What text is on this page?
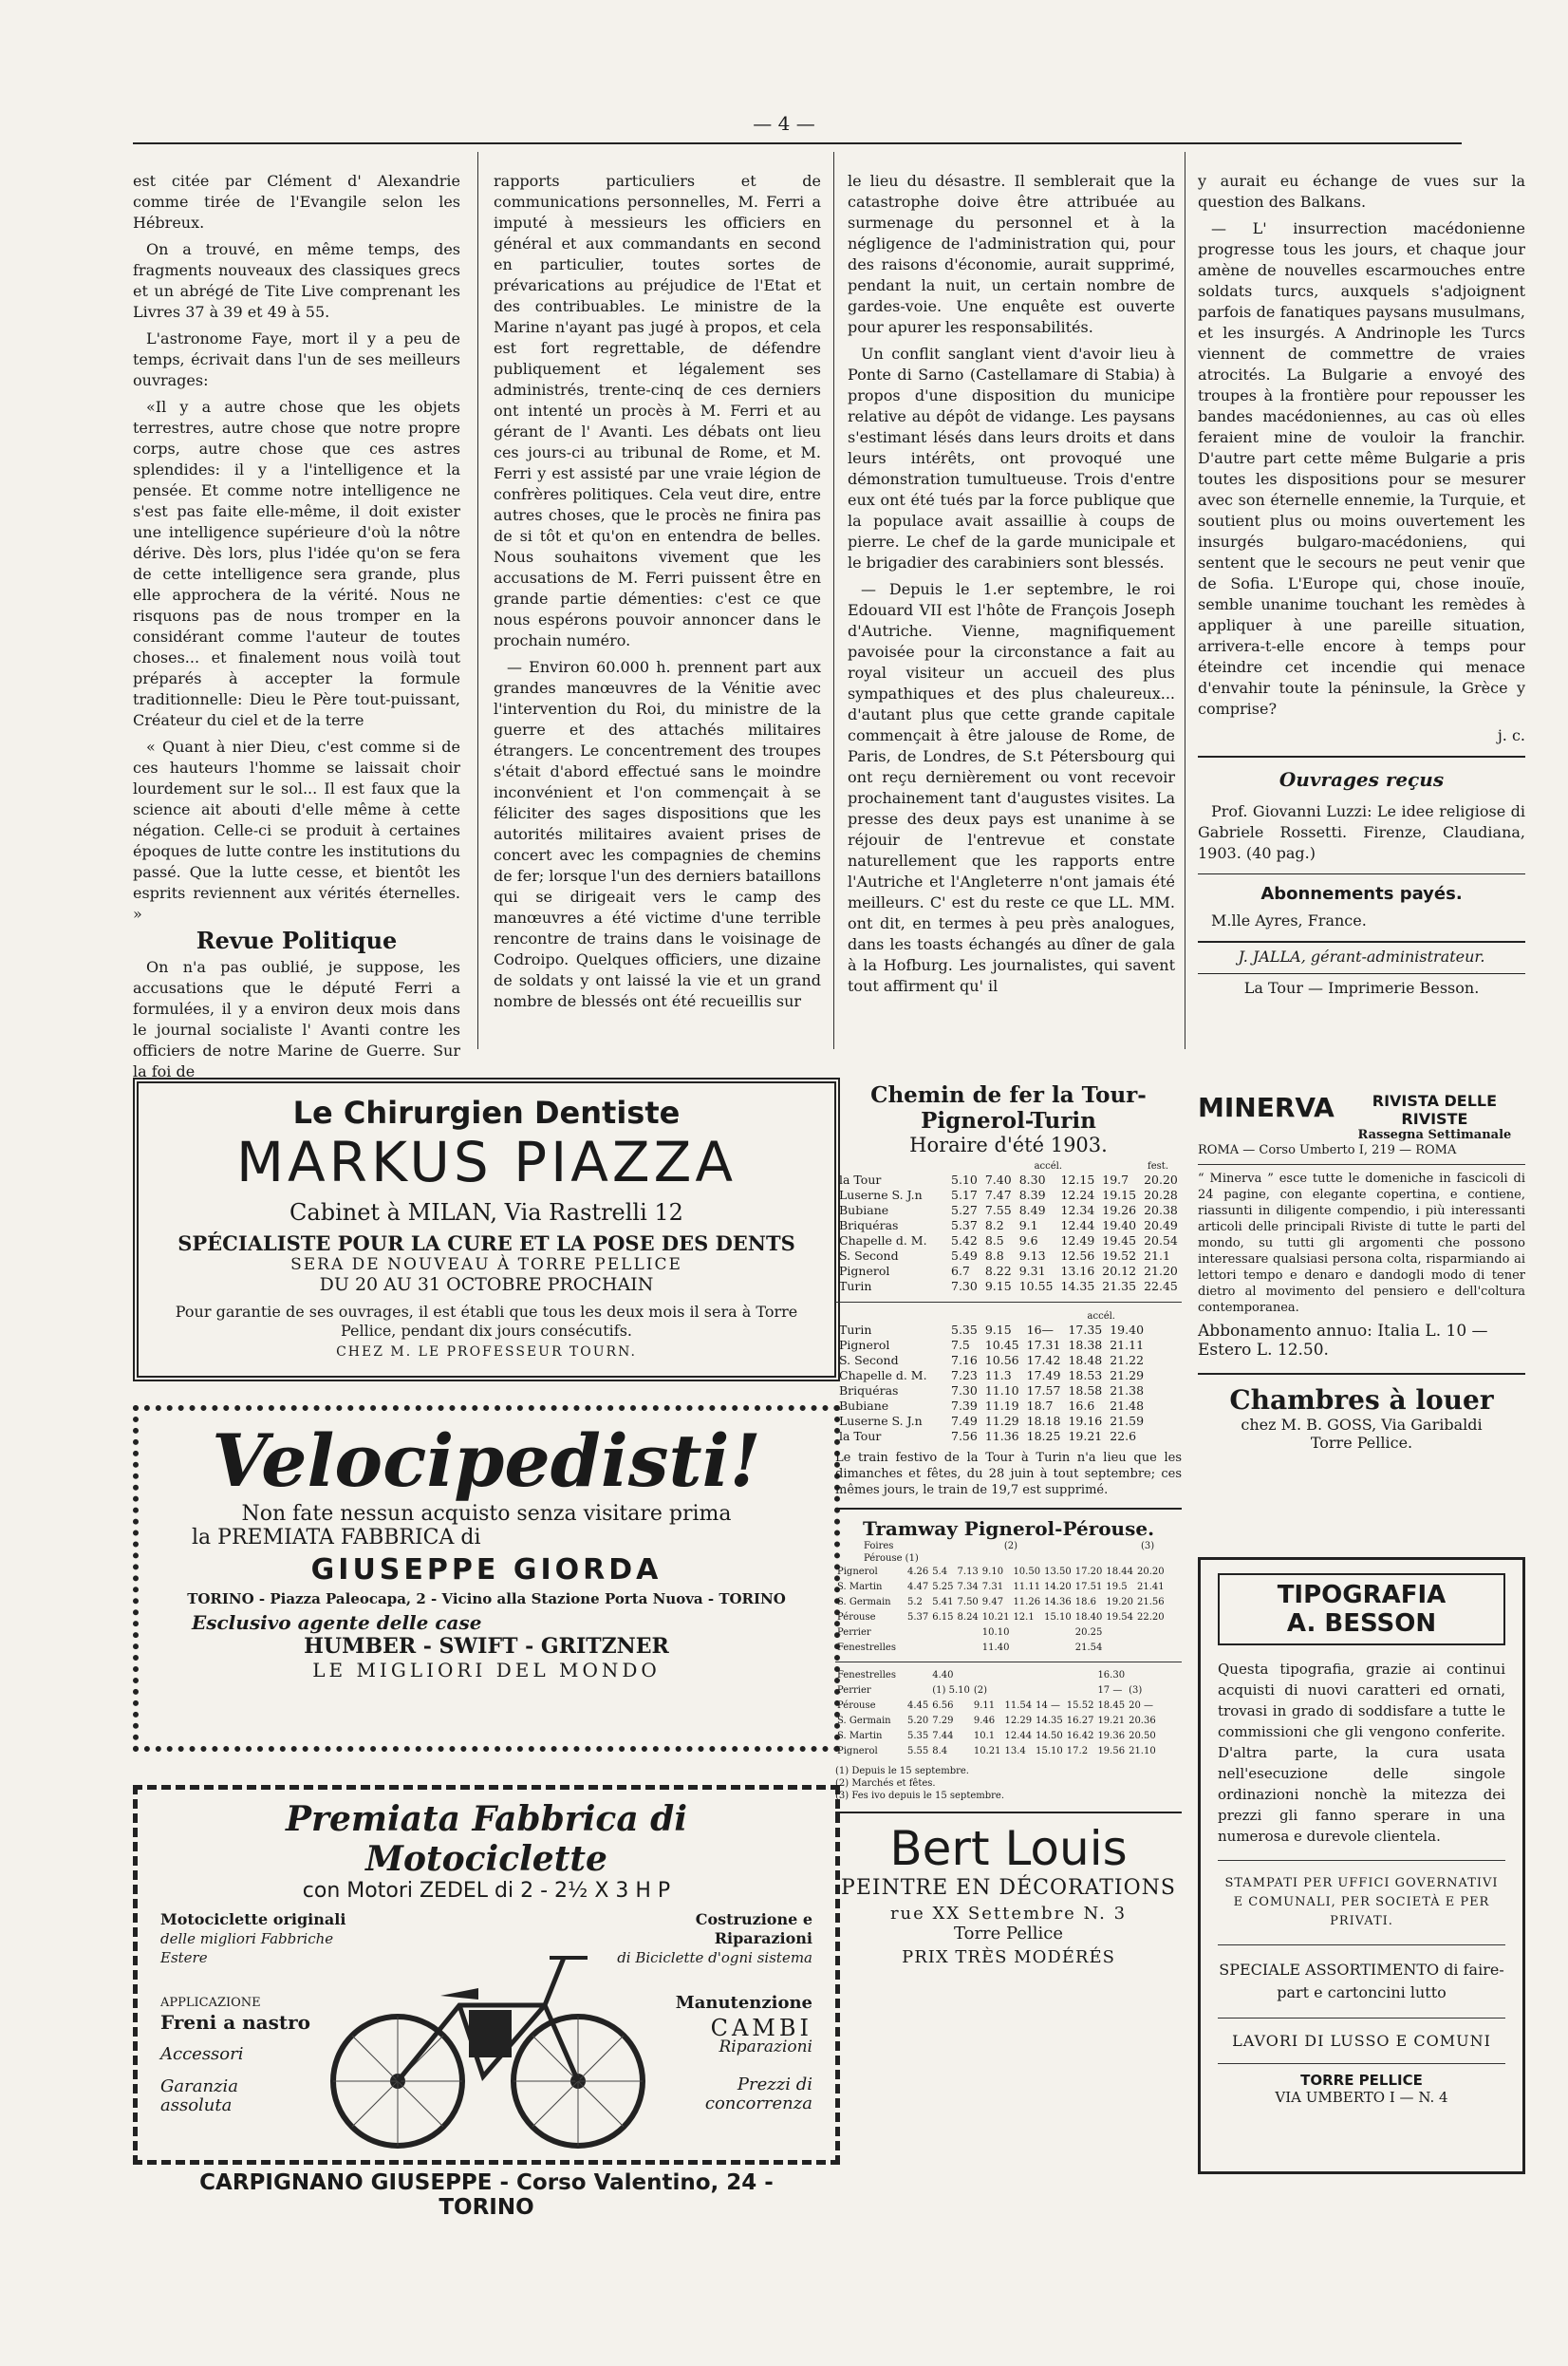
— 4 —

est citée par Clément d' Alexandrie comme tirée de l'Evangile selon les Hébreux.

On a trouvé, en même temps, des fragments nouveaux des classiques grecs et un abrégé de Tite Live comprenant les Livres 37 à 39 et 49 à 55.

L'astronome Faye, mort il y a peu de temps, écrivait dans l'un de ses meilleurs ouvrages:

«Il y a autre chose que les objets terrestres, autre chose que notre propre corps, autre chose que ces astres splendides: il y a l'intelligence et la pensée. Et comme notre intelligence ne s'est pas faite elle-même, il doit exister une intelligence supérieure d'où la nôtre dérive. Dès lors, plus l'idée qu'on se fera de cette intelligence sera grande, plus elle approchera de la vérité. Nous ne risquons pas de nous tromper en la considérant comme l'auteur de toutes choses... et finalement nous voilà tout préparés à accepter la formule traditionnelle: Dieu le Père tout-puissant, Créateur du ciel et de la terre

« Quant à nier Dieu, c'est comme si de ces hauteurs l'homme se laissait choir lourdement sur le sol... Il est faux que la science ait abouti d'elle même à cette négation. Celle-ci se produit à certaines époques de lutte contre les institutions du passé. Que la lutte cesse, et bientôt les esprits reviennent aux vérités éternelles. »

Revue Politique

On n'a pas oublié, je suppose, les accusations que le député Ferri a formulées, il y a environ deux mois dans le journal socialiste l' Avanti contre les officiers de notre Marine de Guerre. Sur la foi de

rapports particuliers et de communications personnelles, M. Ferri a imputé à messieurs les officiers en général et aux commandants en second en particulier, toutes sortes de prévarications au préjudice de l'Etat et des contribuables. Le ministre de la Marine n'ayant pas jugé à propos, et cela est fort regrettable, de défendre publiquement et légalement ses administrés, trente-cinq de ces derniers ont intenté un procès à M. Ferri et au gérant de l' Avanti. Les débats ont lieu ces jours-ci au tribunal de Rome, et M. Ferri y est assisté par une vraie légion de confrères politiques. Cela veut dire, entre autres choses, que le procès ne finira pas de si tôt et qu'on en entendra de belles. Nous souhaitons vivement que les accusations de M. Ferri puissent être en grande partie démenties: c'est ce que nous espérons pouvoir annoncer dans le prochain numéro.

— Environ 60.000 h. prennent part aux grandes manœuvres de la Vénitie avec l'intervention du Roi, du ministre de la guerre et des attachés militaires étrangers. Le concentrement des troupes s'était d'abord effectué sans le moindre inconvénient et l'on commençait à se féliciter des sages dispositions que les autorités militaires avaient prises de concert avec les compagnies de chemins de fer; lorsque l'un des derniers bataillons qui se dirigeait vers le camp des manœuvres a été victime d'une terrible rencontre de trains dans le voisinage de Codroipo. Quelques officiers, une dizaine de soldats y ont laissé la vie et un grand nombre de blessés ont été recueillis sur

le lieu du désastre. Il semblerait que la catastrophe doive être attribuée au surmenage du personnel et à la négligence de l'administration qui, pour des raisons d'économie, aurait supprimé, pendant la nuit, un certain nombre de gardes-voie. Une enquête est ouverte pour apurer les responsabilités.

Un conflit sanglant vient d'avoir lieu à Ponte di Sarno (Castellamare di Stabia) à propos d'une disposition du municipe relative au dépôt de vidange. Les paysans s'estimant lésés dans leurs droits et dans leurs intérêts, ont provoqué une démonstration tumultueuse. Trois d'entre eux ont été tués par la force publique que la populace avait assaillie à coups de pierre. Le chef de la garde municipale et le brigadier des carabiniers sont blessés.

— Depuis le 1.er septembre, le roi Edouard VII est l'hôte de François Joseph d'Autriche. Vienne, magnifiquement pavoisée pour la circonstance a fait au royal visiteur un accueil des plus sympathiques et des plus chaleureux... d'autant plus que cette grande capitale commençait à être jalouse de Rome, de Paris, de Londres, de S.t Pétersbourg qui ont reçu dernièrement ou vont recevoir prochainement tant d'augustes visites. La presse des deux pays est unanime à se réjouir de l'entrevue et constate naturellement que les rapports entre l'Autriche et l'Angleterre n'ont jamais été meilleurs. C' est du reste ce que LL. MM. ont dit, en termes à peu près analogues, dans les toasts échangés au dîner de gala à la Hofburg. Les journalistes, qui savent tout affirment qu' il

y aurait eu échange de vues sur la question des Balkans.

— L' insurrection macédonienne progresse tous les jours, et chaque jour amène de nouvelles escarmouches entre soldats turcs, auxquels s'adjoignent parfois de fanatiques paysans musulmans, et les insurgés. A Andrinople les Turcs viennent de commettre de vraies atrocités. La Bulgarie a envoyé des troupes à la frontière pour repousser les bandes macédoniennes, au cas où elles feraient mine de vouloir la franchir. D'autre part cette même Bulgarie a pris toutes les dispositions pour se mesurer avec son éternelle ennemie, la Turquie, et soutient plus ou moins ouvertement les insurgés bulgaro-macédoniens, qui sentent que le secours ne peut venir que de Sofia. L'Europe qui, chose inouïe, semble unanime touchant les remèdes à appliquer à une pareille situation, arrivera-t-elle encore à temps pour éteindre cet incendie qui menace d'envahir toute la péninsule, la Grèce y comprise?

j. c.

Ouvrages reçus

Prof. Giovanni Luzzi: Le idee religiose di Gabriele Rossetti. Firenze, Claudiana, 1903. (40 pag.)

Abonnements payés.

M.lle Ayres, France.

J. JALLA, gérant-administrateur.

La Tour — Imprimerie Besson.

Le Chirurgien Dentiste
MARKUS PIAZZA
Cabinet à MILAN, Via Rastrelli 12
SPÉCIALISTE POUR LA CURE ET LA POSE DES DENTS
SERA DE NOUVEAU À TORRE PELLICE
DU 20 AU 31 OCTOBRE PROCHAIN
Pour garantie de ses ouvrages, il est établi que tous les deux mois il sera à Torre Pellice, pendant dix jours consécutifs.
CHEZ M. LE PROFESSEUR TOURN.
Velocipedisti!
Non fate nessun acquisto senza visitare prima
la PREMIATA FABBRICA di
GIUSEPPE GIORDA
TORINO - Piazza Paleocapa, 2 - Vicino alla Stazione Porta Nuova - TORINO
Esclusivo agente delle case
HUMBER - SWIFT - GRITZNER
LE MIGLIORI DEL MONDO
Premiata Fabbrica di Motociclette
con Motori ZEDEL di 2 - 2½ X 3 H P
Motociclette originali
delle migliori Fabbriche Estere
APPLICAZIONE
Freni a nastro
Accessori
Garanzia assoluta
Costruzione e Riparazioni
di Biciclette d'ogni sistema
Manutenzione
CAMBI
Riparazioni
Prezzi di concorrenza
CARPIGNANO GIUSEPPE - Corso Valentino, 24 - TORINO
Chemin de fer la Tour-Pignerol-Turin
Horaire d'été 1903.
accél.	fest.
la Tour	5.10	7.40	8.30	12.15	19.7	20.20
Luserne S. J.n	5.17	7.47	8.39	12.24	19.15	20.28
Bubiane	5.27	7.55	8.49	12.34	19.26	20.38
Briquéras	5.37	8.2	9.1	12.44	19.40	20.49
Chapelle d. M.	5.42	8.5	9.6	12.49	19.45	20.54
S. Second	5.49	8.8	9.13	12.56	19.52	21.1
Pignerol	6.7	8.22	9.31	13.16	20.12	21.20
Turin	7.30	9.15	10.55	14.35	21.35	22.45
accél.
Turin	5.35	9.15	16—	17.35	19.40
Pignerol	7.5	10.45	17.31	18.38	21.11
S. Second	7.16	10.56	17.42	18.48	21.22
Chapelle d. M.	7.23	11.3	17.49	18.53	21.29
Briquéras	7.30	11.10	17.57	18.58	21.38
Bubiane	7.39	11.19	18.7	16.6	21.48
Luserne S. J.n	7.49	11.29	18.18	19.16	21.59
la Tour	7.56	11.36	18.25	19.21	22.6
Le train festivo de la Tour à Turin n'a lieu que les dimanches et fêtes, du 28 juin à tout septembre; ces mêmes jours, le train de 19,7 est supprimé.
Tramway Pignerol-Pérouse.
Foires
Pérouse (1)
(2)	(3)
Pignerol	4.26	5.4	7.13	9.10	10.50	13.50	17.20	18.44	20.20
S. Martin	4.47	5.25	7.34	7.31	11.11	14.20	17.51	19.5	21.41
S. Germain	5.2	5.41	7.50	9.47	11.26	14.36	18.6	19.20	21.56
Pérouse	5.37	6.15	8.24	10.21	12.1	15.10	18.40	19.54	22.20
Perrier				10.10			20.25		
Fenestrelles				11.40			21.54		
Fenestrelles		4.40					16.30		
Perrier		(1) 5.10	(2)				17 —	(3)	
Pérouse	4.45	6.56	9.11	11.54	14 —	15.52	18.45	20 —	
S. Germain	5.20	7.29	9.46	12.29	14.35	16.27	19.21	20.36	
S. Martin	5.35	7.44	10.1	12.44	14.50	16.42	19.36	20.50	
Pignerol	5.55	8.4	10.21	13.4	15.10	17.2	19.56	21.10	
(1) Depuis le 15 septembre.
(2) Marchés et fêtes.
(3) Fes ivo depuis le 15 septembre.
Bert Louis
PEINTRE EN DÉCORATIONS
rue XX Settembre N. 3
Torre Pellice
PRIX TRÈS MODÉRÉS
MINERVA	RIVISTA DELLE RIVISTE
Rassegna Settimanale
ROMA — Corso Umberto I, 219 — ROMA
“ Minerva ” esce tutte le domeniche in fascicoli di 24 pagine, con elegante copertina, e contiene, riassunti in diligente compendio, i più interessanti articoli delle principali Riviste di tutte le parti del mondo, su tutti gli argomenti che possono interessare qualsiasi persona colta, risparmiando ai lettori tempo e denaro e dandogli modo di tener dietro al movimento del pensiero e dell'coltura contemporanea.
Abbonamento annuo: Italia L. 10 — Estero L. 12.50.
Chambres à louer
chez M. B. GOSS, Via Garibaldi
Torre Pellice.
TIPOGRAFIA
A. BESSON
Questa tipografia, grazie ai continui acquisti di nuovi caratteri ed ornati, trovasi in grado di soddisfare a tutte le commissioni che gli vengono conferite. D'altra parte, la cura usata nell'esecuzione delle singole ordinazioni nonchè la mitezza dei prezzi gli fanno sperare in una numerosa e durevole clientela.
STAMPATI PER UFFICI GOVERNATIVI E COMUNALI, PER SOCIETÀ E PER PRIVATI.
SPECIALE ASSORTIMENTO di faire-part e cartoncini lutto
LAVORI DI LUSSO E COMUNI
TORRE PELLICE
VIA UMBERTO I — N. 4
